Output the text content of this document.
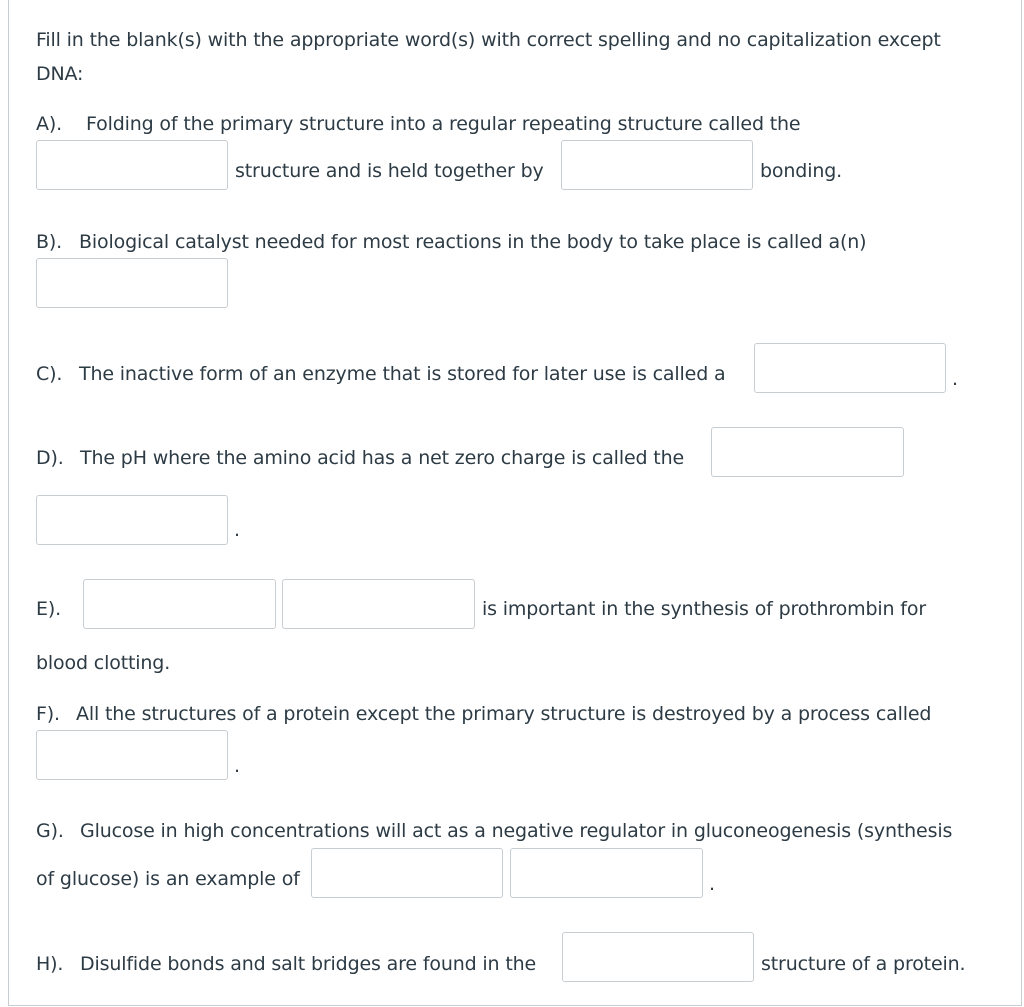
Fill in the blank(s) with the appropriate word(s) with correct spelling and no capitalization except
DNA:
A). Folding of the primary structure into a regular repeating structure called the
structure and is held together by	bonding.
B). Biological catalyst needed for most reactions in the body to take place is called a(n)
C). The inactive form of an enzyme that is stored for later use is called a	.
D). The pH where the amino acid has a net zero charge is called the
.
E).	is important in the synthesis of prothrombin for
blood clotting.
F). All the structures of a protein except the primary structure is destroyed by a process called
.
G). Glucose in high concentrations will act as a negative regulator in gluconeogenesis (synthesis
of glucose) is an example of	.
H). Disulfide bonds and salt bridges are found in the	structure of a protein.
